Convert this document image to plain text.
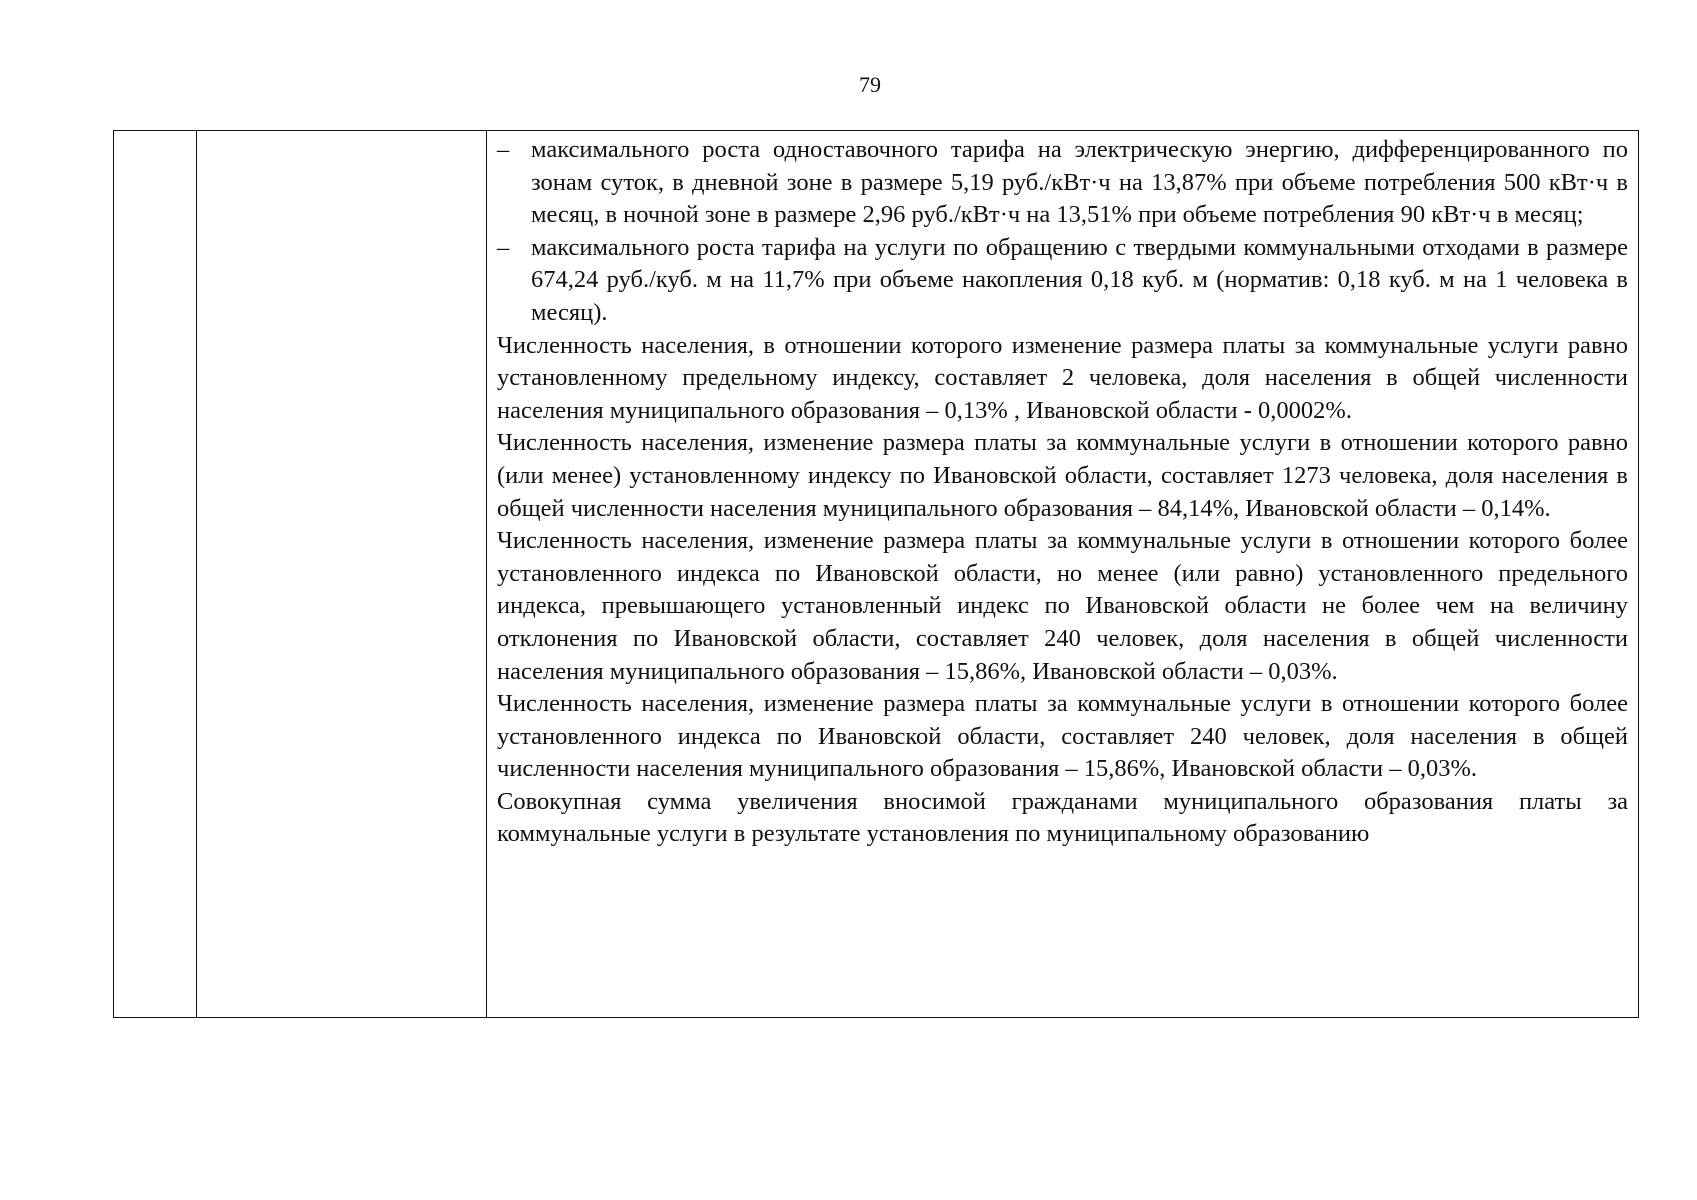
79
– максимального роста одноставочного тарифа на электрическую энергию, дифференцированного по зонам суток, в дневной зоне в размере 5,19 руб./кВт·ч на 13,87% при объеме потребления 500 кВт·ч в месяц, в ночной зоне в размере 2,96 руб./кВт·ч на 13,51% при объеме потребления 90 кВт·ч в месяц;

– максимального роста тарифа на услуги по обращению с твердыми коммунальными отходами в размере 674,24 руб./куб. м на 11,7% при объеме накопления 0,18 куб. м (норматив: 0,18 куб. м на 1 человека в месяц).

Численность населения, в отношении которого изменение размера платы за коммунальные услуги равно установленному предельному индексу, составляет 2 человека, доля населения в общей численности населения муниципального образования – 0,13% , Ивановской области - 0,0002%.

Численность населения, изменение размера платы за коммунальные услуги в отношении которого равно (или менее) установленному индексу по Ивановской области, составляет 1273 человека, доля населения в общей численности населения муниципального образования – 84,14%, Ивановской области – 0,14%.

Численность населения, изменение размера платы за коммунальные услуги в отношении которого более установленного индекса по Ивановской области, но менее (или равно) установленного предельного индекса, превышающего установленный индекс по Ивановской области не более чем на величину отклонения по Ивановской области, составляет 240 человек, доля населения в общей численности населения муниципального образования – 15,86%, Ивановской области – 0,03%.

Численность населения, изменение размера платы за коммунальные услуги в отношении которого более установленного индекса по Ивановской области, составляет 240 человек, доля населения в общей численности населения муниципального образования – 15,86%, Ивановской области – 0,03%.

Совокупная сумма увеличения вносимой гражданами муниципального образования платы за коммунальные услуги в результате установления по муниципальному образованию
